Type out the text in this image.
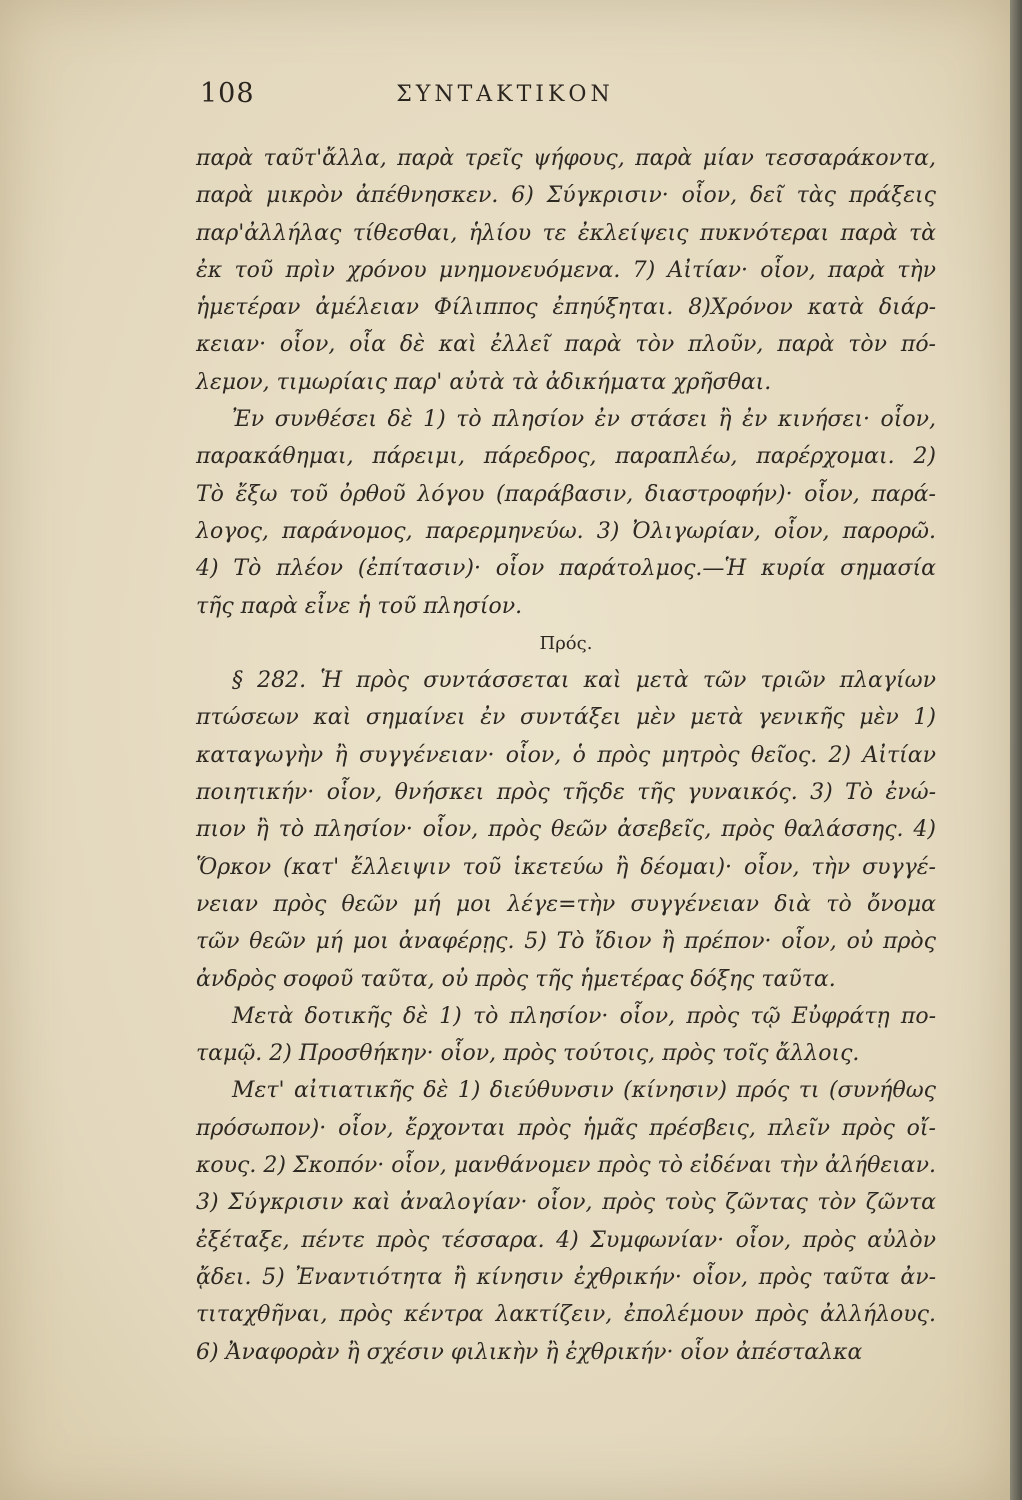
108	ΣΥΝΤΑΚΤΙΚΟΝ
παρὰ ταῦτ'ἄλλα, παρὰ τρεῖς ψήφους, παρὰ μίαν τεσσαράκοντα,
παρὰ μικρὸν ἀπέθνησκεν. 6) Σύγκρισιν· οἷον, δεῖ τὰς πράξεις
παρ'ἀλλήλας τίθεσθαι, ἡλίου τε ἐκλείψεις πυκνότεραι παρὰ τὰ
ἐκ τοῦ πρὶν χρόνου μνημονευόμενα. 7) Αἰτίαν· οἷον, παρὰ τὴν
ἡμετέραν ἀμέλειαν Φίλιππος ἐπηύξηται. 8)Χρόνον κατὰ διάρ-
κειαν· οἷον, οἷα δὲ καὶ ἐλλεῖ παρὰ τὸν πλοῦν, παρὰ τὸν πό-
λεμον, τιμωρίαις παρ' αὐτὰ τὰ ἀδικήματα χρῆσθαι.
Ἐν συνθέσει δὲ 1) τὸ πλησίον ἐν στάσει ἢ ἐν κινήσει· οἷον,
παρακάθημαι, πάρειμι, πάρεδρος, παραπλέω, παρέρχομαι. 2)
Τὸ ἔξω τοῦ ὀρθοῦ λόγου (παράβασιν, διαστροφήν)· οἷον, παρά-
λογος, παράνομος, παρερμηνεύω. 3) Ὀλιγωρίαν, οἷον, παρορῶ.
4) Τὸ πλέον (ἐπίτασιν)· οἷον παράτολμος.—Ἡ κυρία σημασία
τῆς παρὰ εἶνε ἡ τοῦ πλησίον.
Πρός.
§ 282. Ἡ πρὸς συντάσσεται καὶ μετὰ τῶν τριῶν πλαγίων
πτώσεων καὶ σημαίνει ἐν συντάξει μὲν μετὰ γενικῆς μὲν 1)
καταγωγὴν ἢ συγγένειαν· οἷον, ὁ πρὸς μητρὸς θεῖος. 2) Αἰτίαν
ποιητικήν· οἷον, θνήσκει πρὸς τῆςδε τῆς γυναικός. 3) Τὸ ἐνώ-
πιον ἢ τὸ πλησίον· οἷον, πρὸς θεῶν ἀσεβεῖς, πρὸς θαλάσσης. 4)
Ὅρκον (κατ' ἔλλειψιν τοῦ ἱκετεύω ἢ δέομαι)· οἷον, τὴν συγγέ-
νειαν πρὸς θεῶν μή μοι λέγε=τὴν συγγένειαν διὰ τὸ ὄνομα
τῶν θεῶν μή μοι ἀναφέρῃς. 5) Τὸ ἴδιον ἢ πρέπον· οἷον, οὐ πρὸς
ἀνδρὸς σοφοῦ ταῦτα, οὐ πρὸς τῆς ἡμετέρας δόξης ταῦτα.
Μετὰ δοτικῆς δὲ 1) τὸ πλησίον· οἷον, πρὸς τῷ Εὐφράτῃ πο-
ταμῷ. 2) Προσθήκην· οἷον, πρὸς τούτοις, πρὸς τοῖς ἄλλοις.
Μετ' αἰτιατικῆς δὲ 1) διεύθυνσιν (κίνησιν) πρός τι (συνήθως
πρόσωπον)· οἷον, ἔρχονται πρὸς ἡμᾶς πρέσβεις, πλεῖν πρὸς οἴ-
κους. 2) Σκοπόν· οἷον, μανθάνομεν πρὸς τὸ εἰδέναι τὴν ἀλήθειαν.
3) Σύγκρισιν καὶ ἀναλογίαν· οἷον, πρὸς τοὺς ζῶντας τὸν ζῶντα
ἐξέταξε, πέντε πρὸς τέσσαρα. 4) Συμφωνίαν· οἷον, πρὸς αὐλὸν
ᾄδει. 5) Ἐναντιότητα ἢ κίνησιν ἐχθρικήν· οἷον, πρὸς ταῦτα ἀν-
τιταχθῆναι, πρὸς κέντρα λακτίζειν, ἐπολέμουν πρὸς ἀλλήλους.
6) Ἀναφορὰν ἢ σχέσιν φιλικὴν ἢ ἐχθρικήν· οἷον ἀπέσταλκα
